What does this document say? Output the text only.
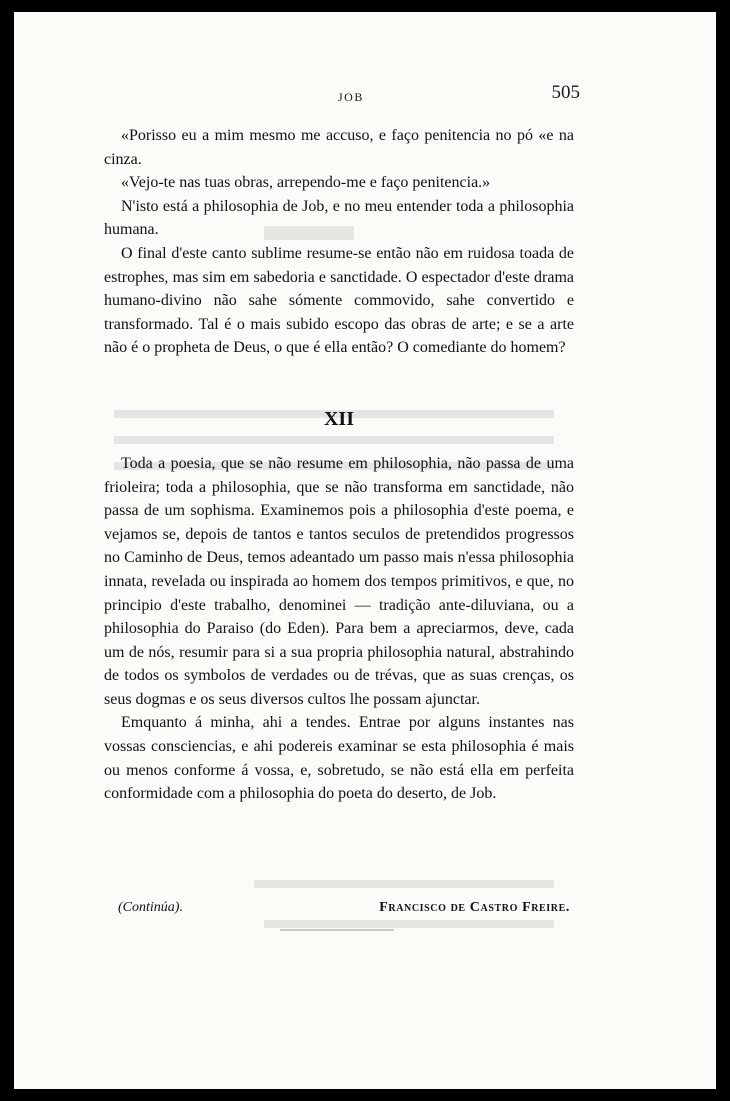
JOB	505

«Porisso eu a mim mesmo me accuso, e faço penitencia no pó «e na cinza.

«Vejo-te nas tuas obras, arrependo-me e faço penitencia.»

N'isto está a philosophia de Job, e no meu entender toda a philosophia humana.

O final d'este canto sublime resume-se então não em ruidosa toada de estrophes, mas sim em sabedoria e sanctidade. O espectador d'este drama humano-divino não sahe sómente commovido, sahe convertido e transformado. Tal é o mais subido escopo das obras de arte; e se a arte não é o propheta de Deus, o que é ella então? O comediante do homem?

XII

Toda a poesia, que se não resume em philosophia, não passa de uma frioleira; toda a philosophia, que se não transforma em sanctidade, não passa de um sophisma. Examinemos pois a philosophia d'este poema, e vejamos se, depois de tantos e tantos seculos de pretendidos progressos no Caminho de Deus, temos adeantado um passo mais n'essa philosophia innata, revelada ou inspirada ao homem dos tempos primitivos, e que, no principio d'este trabalho, denominei — tradição ante-diluviana, ou a philosophia do Paraiso (do Eden). Para bem a apreciarmos, deve, cada um de nós, resumir para si a sua propria philosophia natural, abstrahindo de todos os symbolos de verdades ou de trévas, que as suas crenças, os seus dogmas e os seus diversos cultos lhe possam ajunctar.

Emquanto á minha, ahi a tendes. Entrae por alguns instantes nas vossas consciencias, e ahi podereis examinar se esta philosophia é mais ou menos conforme á vossa, e, sobretudo, se não está ella em perfeita conformidade com a philosophia do poeta do deserto, de Job.

(Continúa).	Francisco de Castro Freire.
